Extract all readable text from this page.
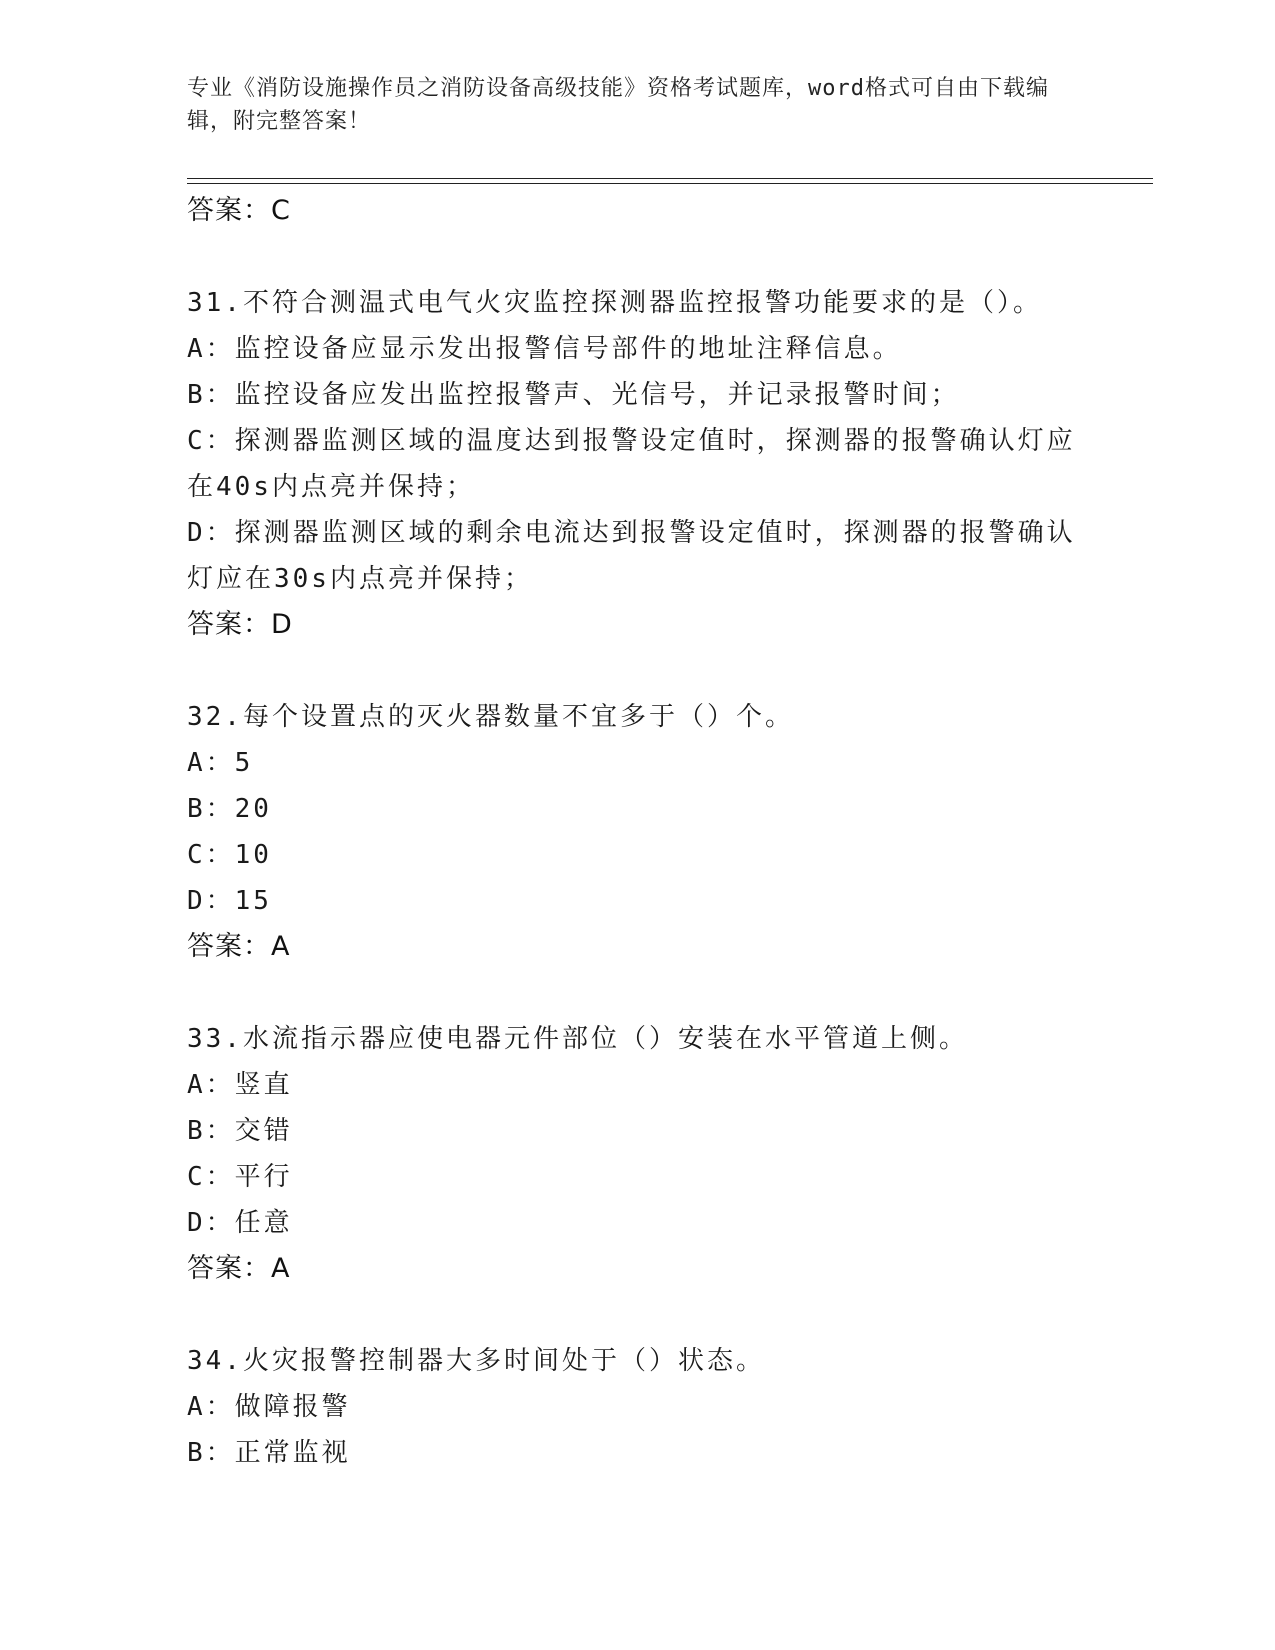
专业《消防设施操作员之消防设备高级技能》资格考试题库，word格式可自由下载编辑，附完整答案！
答案：C
31.不符合测温式电气火灾监控探测器监控报警功能要求的是（）。
A：监控设备应显示发出报警信号部件的地址注释信息。
B：监控设备应发出监控报警声、光信号，并记录报警时间；
C：探测器监测区域的温度达到报警设定值时，探测器的报警确认灯应在40s内点亮并保持；
D：探测器监测区域的剩余电流达到报警设定值时，探测器的报警确认灯应在30s内点亮并保持；
答案：D
32.每个设置点的灭火器数量不宜多于（）个。
A：5
B：20
C：10
D：15
答案：A
33.水流指示器应使电器元件部位（）安装在水平管道上侧。
A：竖直
B：交错
C：平行
D：任意
答案：A
34.火灾报警控制器大多时间处于（）状态。
A：做障报警
B：正常监视
